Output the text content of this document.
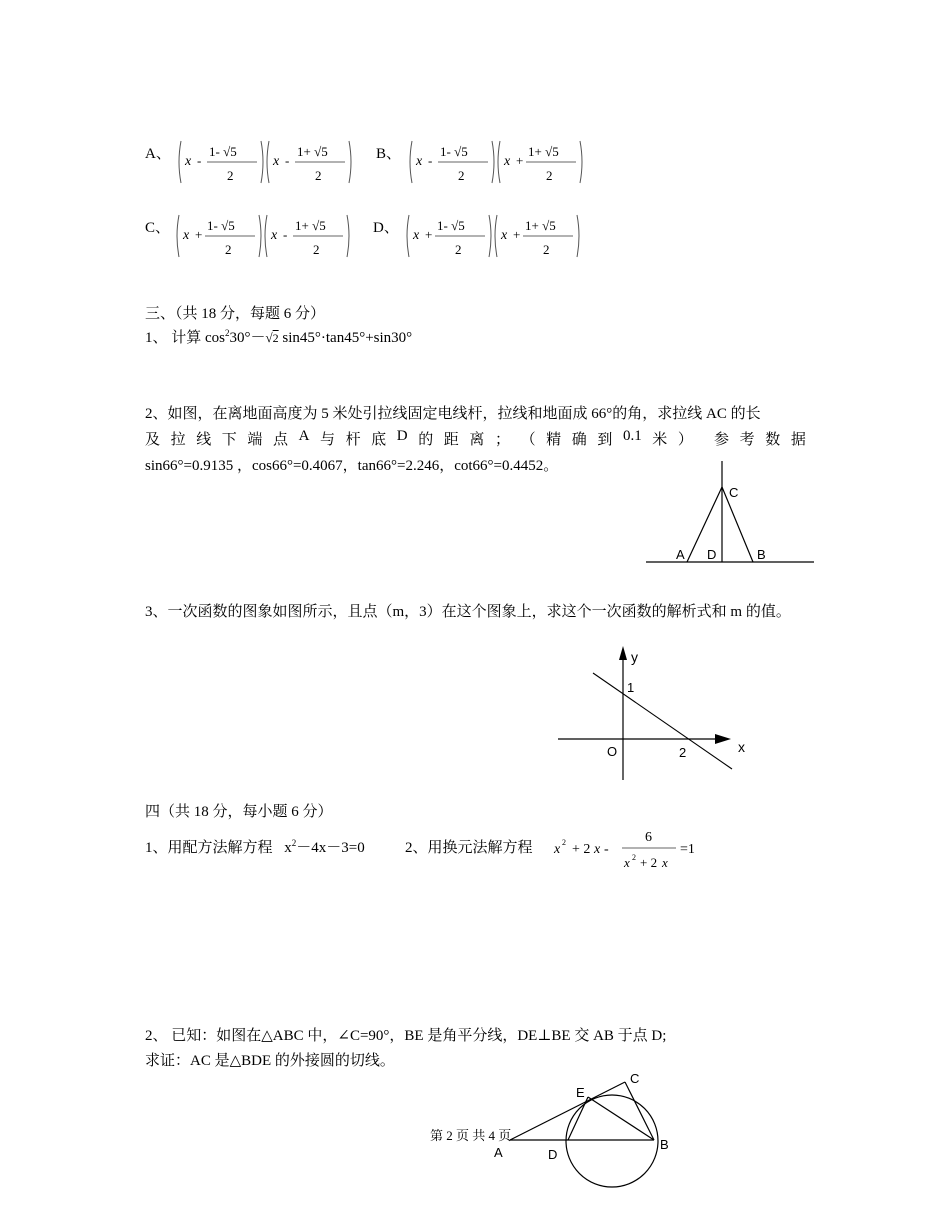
A、 x -
1- √5
2
x -
1+ √5
2
B、 x -
1- √5
2
x +
1+ √5
2
C、 x +
1- √5
2
x -
1+ √5
2
D、 x +
1- √5
2
x +
1+ √5
2
三、（共 18 分，每题 6 分）
1、 计算 $\cos^230^\circ-√2$ sin45°·tan45°+sin30°
2、如图，在离地面高度为 5 米处引拉线固定电线杆，拉线和地面成 66°的角，求拉线 AC 的长
及 拉 线 下 端 点 A 与 杆 底 D 的 距 离 ； （ 精 确 到 0.1 米 ） 参 考 数 据
sin66°=0.9135 ，cos66°=0.4067，tan66°=2.246，cot66°=0.4452。
C
A D	B
3、一次函数的图象如图所示，且点（m，3）在这个图象上，求这个一次函数的解析式和 m 的值。
y
x
O
1
2
四（共 18 分，每小题 6 分）
1、用配方法解方程 $x^2-4x-3=0$	2、用换元法解方程 x 2 + 2 x -
6
x 2 + 2 x
=1
2、 已知：如图在△ABC 中，∠C=90°，BE 是角平分线，DE⊥BE 交 AB 于点 D;
求证：AC 是△BDE 的外接圆的切线。
E
C
A	D
B
第 2 页 共 4 页
